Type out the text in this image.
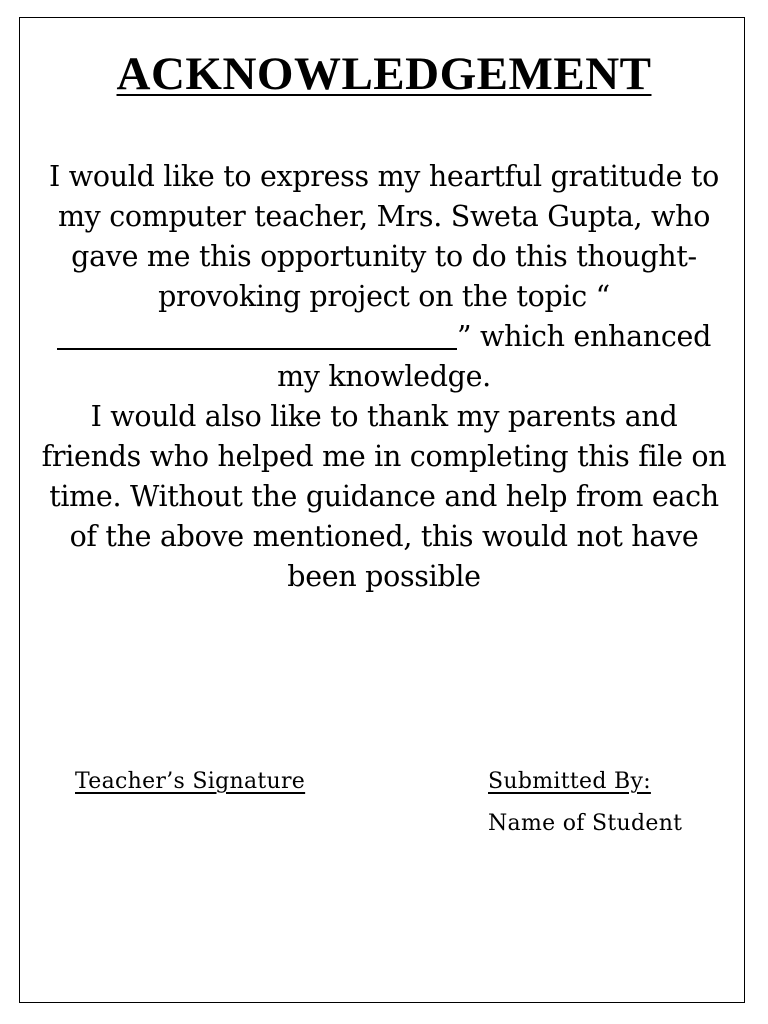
ACKNOWLEDGEMENT

I would like to express my heartful gratitude to my computer teacher, Mrs. Sweta Gupta, who gave me this opportunity to do this thought-provoking project on the topic “” which enhanced my knowledge.

I would also like to thank my parents and friends who helped me in completing this file on time. Without the guidance and help from each of the above mentioned, this would not have been possible

Teacher’s Signature	Submitted By:
Name of Student
